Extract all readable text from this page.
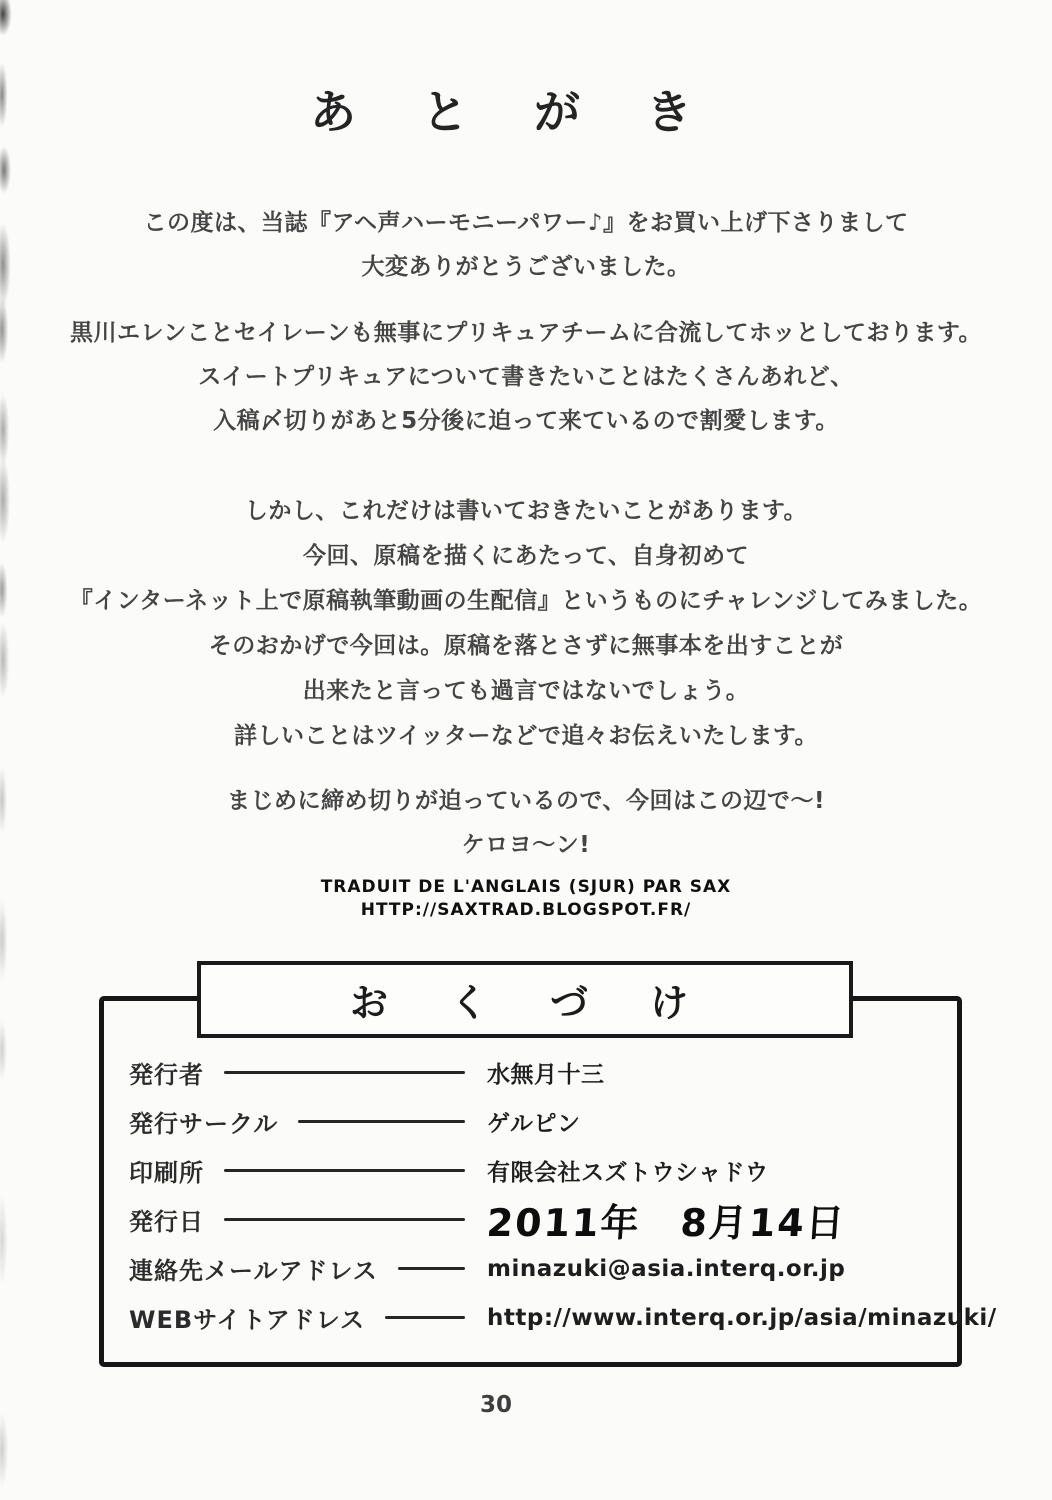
あ　と　が　き
この度は、当誌『アヘ声ハーモニーパワー♪』をお買い上げ下さりまして
大変ありがとうございました。
黒川エレンことセイレーンも無事にプリキュアチームに合流してホッとしております。
スイートプリキュアについて書きたいことはたくさんあれど、
入稿〆切りがあと5分後に迫って来ているので割愛します。
しかし、これだけは書いておきたいことがあります。
今回、原稿を描くにあたって、自身初めて
『インターネット上で原稿執筆動画の生配信』というものにチャレンジしてみました。
そのおかげで今回は。原稿を落とさずに無事本を出すことが
出来たと言っても過言ではないでしょう。
詳しいことはツイッターなどで追々お伝えいたします。
まじめに締め切りが迫っているので、今回はこの辺で〜!
ケロヨ〜ン!
TRADUIT DE L'ANGLAIS (SJUR) PAR SAX
HTTP://SAXTRAD.BLOGSPOT.FR/
お　く　づ　け
発行者	水無月十三
発行サークル	ゲルピン
印刷所	有限会社スズトウシャドウ
発行日	2011年　8月14日
連絡先メールアドレス	minazuki@asia.interq.or.jp
WEBサイトアドレス	http://www.interq.or.jp/asia/minazuki/
30
